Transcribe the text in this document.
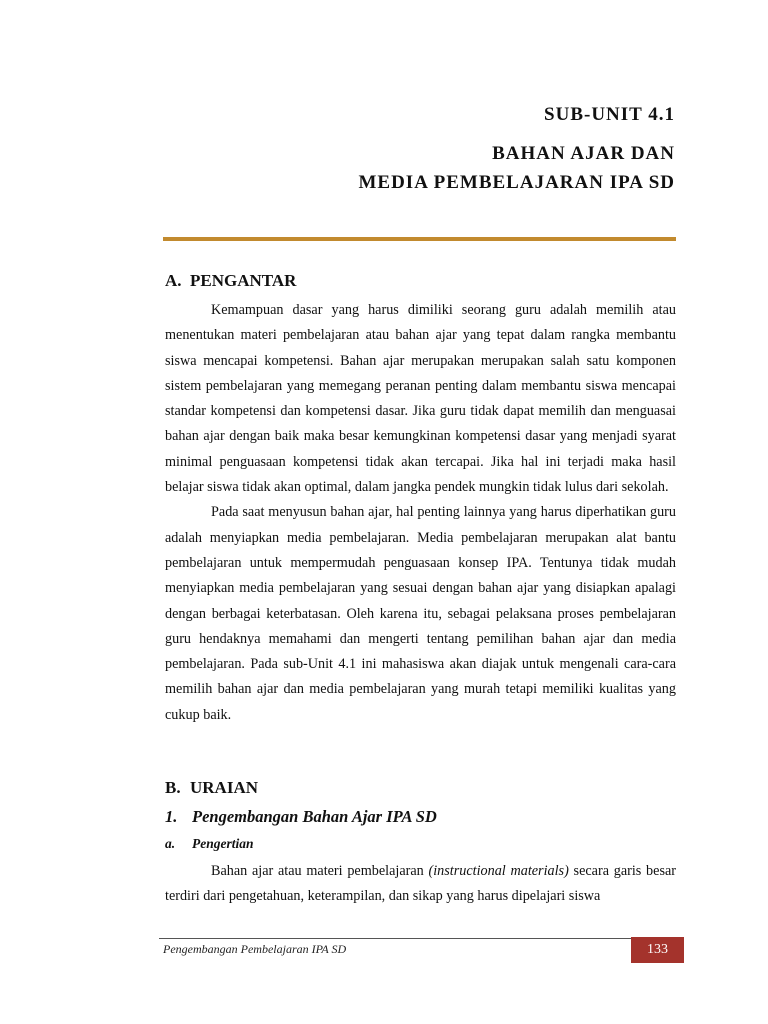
SUB-UNIT 4.1
BAHAN AJAR DAN
MEDIA PEMBELAJARAN IPA SD
A. PENGANTAR

Kemampuan dasar yang harus dimiliki seorang guru adalah memilih atau menentukan materi pembelajaran atau bahan ajar yang tepat dalam rangka membantu siswa mencapai kompetensi. Bahan ajar merupakan merupakan salah satu komponen sistem pembelajaran yang memegang peranan penting dalam membantu siswa mencapai standar kompetensi dan kompetensi dasar. Jika guru tidak dapat memilih dan menguasai bahan ajar dengan baik maka besar kemungkinan kompetensi dasar yang menjadi syarat minimal penguasaan kompetensi tidak akan tercapai. Jika hal ini terjadi maka hasil belajar siswa tidak akan optimal, dalam jangka pendek mungkin tidak lulus dari sekolah.

Pada saat menyusun bahan ajar, hal penting lainnya yang harus diperhatikan guru adalah menyiapkan media pembelajaran. Media pembelajaran merupakan alat bantu pembelajaran untuk mempermudah penguasaan konsep IPA. Tentunya tidak mudah menyiapkan media pembelajaran yang sesuai dengan bahan ajar yang disiapkan apalagi dengan berbagai keterbatasan. Oleh karena itu, sebagai pelaksana proses pembelajaran guru hendaknya memahami dan mengerti tentang pemilihan bahan ajar dan media pembelajaran. Pada sub-Unit 4.1 ini mahasiswa akan diajak untuk mengenali cara-cara memilih bahan ajar dan media pembelajaran yang murah tetapi memiliki kualitas yang cukup baik.

B. URAIAN
1. Pengembangan Bahan Ajar IPA SD
a. Pengertian

Bahan ajar atau materi pembelajaran (instructional materials) secara garis besar terdiri dari pengetahuan, keterampilan, dan sikap yang harus dipelajari siswa

Pengembangan Pembelajaran IPA SD	133
